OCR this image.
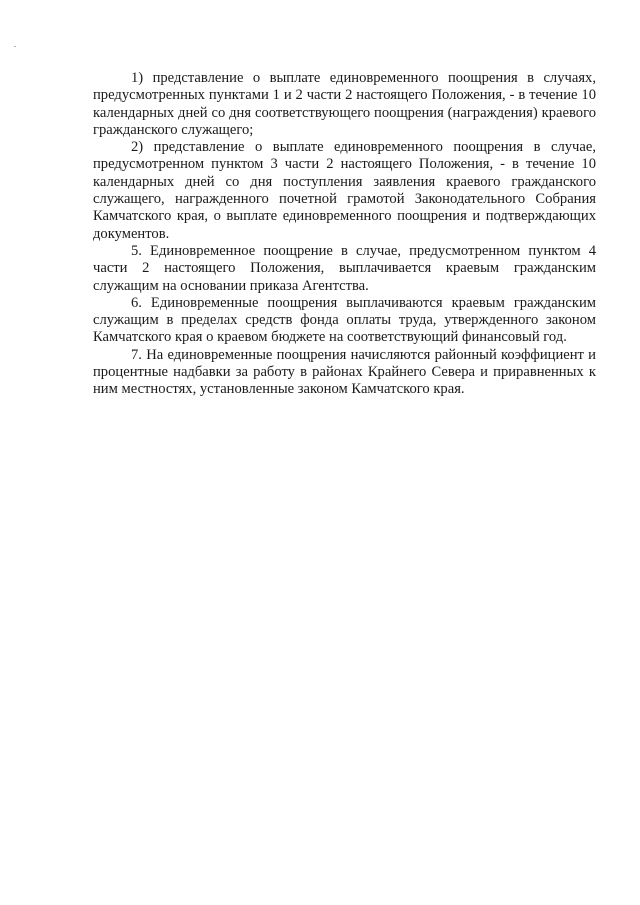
1) представление о выплате единовременного поощрения в случаях, предусмотренных пунктами 1 и 2 части 2 настоящего Положения, - в течение 10 календарных дней со дня соответствующего поощрения (награждения) краевого гражданского служащего;

2) представление о выплате единовременного поощрения в случае, предусмотренном пунктом 3 части 2 настоящего Положения, - в течение 10 календарных дней со дня поступления заявления краевого гражданского служащего, награжденного почетной грамотой Законодательного Собрания Камчатского края, о выплате единовременного поощрения и подтверждающих документов.

5. Единовременное поощрение в случае, предусмотренном пунктом 4 части 2 настоящего Положения, выплачивается краевым гражданским служащим на основании приказа Агентства.

6. Единовременные поощрения выплачиваются краевым гражданским служащим в пределах средств фонда оплаты труда, утвержденного законом Камчатского края о краевом бюджете на соответствующий финансовый год.

7. На единовременные поощрения начисляются районный коэффициент и процентные надбавки за работу в районах Крайнего Севера и приравненных к ним местностях, установленные законом Камчатского края.
